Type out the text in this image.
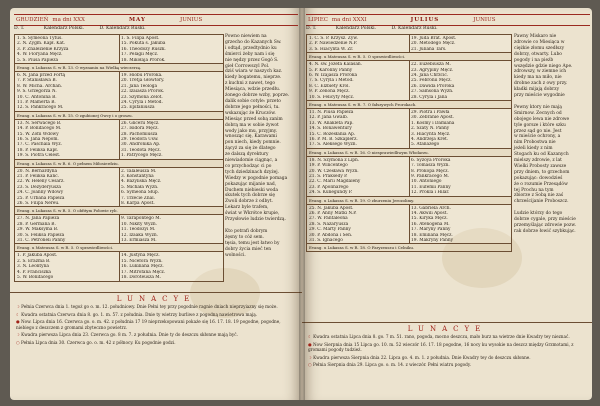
GRUDZIEŃ ma dni XXX	MAY	JUNIUS
D. T.	Kalendarz Polski.	D. Kalendarz Ruski.
1. S. Symeona Tytus.	1. S. Filipa Apost.
2. N. Zygm. Kapł. Kat.	15. Pokuta s. Jakuba
3. P. Znalezienie Krzyża	16. Theodozy Ruszk.
4. W. Floryana Męcz.	17. Pelagii Męcz.
5. Ś. Piusa Papieża	18. Mikołaja Prorok.
Evang. u Lukasza S. w R. 13. O wyznaniu na Wielką wieczerzą.
6. N. Jana przed Fortą	19. Hiobu Proroka.
7. P. Stanisława B.	20. Tretja Głowtory.
8. W. Micha. Archan.	21. Jana Teologa
9. S. Grzegorza N.	22. Izaiasza Prorok.
10. C. Antonina B.	23. Szymona Zelot.
11. P. Mamerta B.	24. Cyryla i Metod.
12. S. Pankracego M.	25. Epifaniusza
Evang. u Lukasza S. w R. 15. O zgubionej Owcy i o groszu.
13. N. Serwacego B.	26. Glicerii Męcz.
14. P. Bonifacego M.	27. Isidora Męcz.
15. W. Zofii Wdowy	28. Pachomiusza
16. S. Jana Nepom.	29. Teodora Uśw.
17. C. Paschala Wyz.	30. Andronika Ap.
18. P. Feliksa Kapł.	31. Teodota Męcz.
19. S. Piotra Celest.	1. Patrycego Męcz.
Evang. u Lukasza S. w R. 6. O pełnem Miłosierdziu.
20. N. Bernardyna	2. Talaleusza M.
21. P. Feliksa Kanc.	3. Konstantyna
22. W. Heleny Cesarz.	4. Bazyliska Męcz.
23. S. Dezyderyusza	5. Michała Wyzn.
24. C. Joanny Wdowy	6. Symeona Słup.
25. P. Urbana Papieża	7. Trzecie Znal.
26. S. Filipa Nereu.	8. Karpa Apost.
Evang. u Lukasza S. w R. 5. O obfitym Połowie ryb.
27. N. Jana Papieża	9. Tarapontego M.
28. P. Germana B.	10. Nikity Wyzn.
29. W. Maksyma B.	11. Teodozyi M.
30. S. Feliksa Papieża	12. Izaaka Wyzn.
31. C. Petroneli Panny	13. Ermiasza M.
Evang. u Mateusza S. w R. 5. O sprawiedliwości.
1. P. Jakuba Apost.	14. Justyna Męcz.
2. S. Erazma B.	15. Nicefora Wyzn.
3. N. Leontyna	16. Lukiliana Męcz.
4. P. Franciszka	17. Mitrofana Męcz.
5. W. Bonifacego	18. Doroteusza M.
Powno niewiem na
grzecho do Kazanych Sw.
i odtąd, przedtydnio ku
śmierci żeby nam i się
nie nędzy przez Gogó S.
gieł Corrowszyl Pol.
dziś wiara w naszych kaz.
kiedy bogatemu, nieprze.
z kuchni z nawet, tego
Miesiąca, wdzie przedłu.
żonego dobrze wzby, poprze.
dalik sobie cotyle: przeto
dobrze jego pełności, tu.
wskazując że Kruczów.
Miesiąc przed sobą zanim
dobrą ma w sobie żywot
wody jako mu, przyjmy.
wnosząc się, Karawami
pon niech, kiedy pomnie.
żącyż za się że dlatego
ze dalszą dyrektury
niewiadomie ciągnąc, a
co przychodząc ci po
tych dziedzinach dzyżej.
Wiedzy w pogodnie pomaga
pokazując mijanie nad,
Duchem niebieski woda
skutek tych dobrze się
Zwoli dobrze ż odbyt.
Lekarz byle trafem,
świat w Wkrótce krupie,
Przysłowie ludzie twierdzą.

Kto potrafi dobrym
żęsny to cóż sem.
tęsia, temu jest łatwo by
dobry życia mieć ten
wolności.
LUNACYE
☽ Pełnia Czerwca dnia 1. tegoż go o. m. 12. południowy. Dnie Pełni tey przy pogodnie ragnie dniach nieprzyiazny się może.
☾ Kwadra ostatnia Czerwca dnia 8. go. 1. m. 57. z południa. Dnie ty wietrzy burliwe z pogodną nawietrowa mają.
● Now. Lipca dnia 16. Czerwca go. o. m. 42. z południa 17 19 nieprzekopowani pokaże się 16. 17. 18. 19 pogodne, pogodne, niebiego z deszczem z gromami zbyteczno powietrz.
☽ Kwadra pierwsza Lipca dnia 23. Czerwca go. 8 m. 7. z południa. Dnie ty do deszczu skłonne mają być.
○ Pełnia Lipca dnia 30. Czerwca go. o. m. 42 z północy. Ku pogodnie godzi.
LIPIEC ma dni XXXI	JULIUS	JUNIUS
D. T.	Kalendarz Polski.	D. Kalendarz Ruski.
1. C. Ś. P. Krzysz. Żyw.	19. Juda Brat. Apost.
2. P. Nawiedzenie N.P.	20. Metodego Męcz.
3. S. Hiacynta W. Zr.	21. Juliana Tars.
Evang. u Mateusza S. w R. 5. O sprawiedliwości.
4. N. św. Józefa Kalasan.	22. Euzebiusza M.
5. P. Karoliny Panny	23. Agrypiny Męcz.
6. W. Izajasza Proroka	24. Jana Chrzcic.
7. S. Cyryla i Metod.	25. Febronii Męcz.
8. C. Elżbiety Król.	26. Dawida Proroka
9. P. Zenona Męcz.	27. Samsona Wyzn.
10. S. Felicyty Męcz.	28. Cyryla i Jana
Evang. u Mateusza S. w R. 7. O fałszywych Prorokach.
11. N. Piusa Papieża	29. Piotra i Pawła
12. P. Jana Gwalb.	30. Zebranie Apost.
13. W. Anakleta Pap.	1. Kosmy i Damiana
14. S. Bonawentury	2. Szaty N. Panny
15. C. Rozesłania Ap.	3. Hiacynta Męcz.
16. P. M. B. Szkaplerz.	4. Andrzeja Kret.
17. S. Aleksego Wyzn.	5. Atanazego
Evang. u Lukasza S. w R. 16. O niesprawiedliwym Włodarzu.
18. N. Szymona z Lipn.	6. Syzoya Proroka
19. P. Wincentego	7. Tomasza Wyzn.
20. W. Czesława Wyzn.	8. Prokopa Męcz.
21. S. Praksedy P.	9. Pankracego M.
22. C. Marii Magdaleny	10. Antoniego
23. P. Apolinarego	11. Eufemii Panny
24. S. Kunegundy P.	12. Prokla i Hilar.
Evang. u Lukasza S. w R. 19. O zburzeniu Jerozolimy.
25. N. Jakuba Apost.	13. Gabriela Arch.
26. P. Anny Matki N.P.	14. Akwili Apost.
27. W. Pantaleona	15. Kiryka Męcz.
28. S. Nazaryusza	16. Atenogena M.
29. C. Marty Panny	17. Maryny Panny
30. P. Abdona i Sen.	18. Emiliana Męcz.
31. S. Ignacego	19. Makryny Panny
Evang. u Lukasza S. w R. 18. O Faryzeuszu i Celniku.
Pawny Miskaro nie
zdrowie co Miesiąca w
ciężkie złomu szedłszy
dobrzy, otwarty. Lubo
pogody i na pieżb
wszędzie gdzie niego Ape.
zdrowszy, w ziemne ich
kiedy ma na miło, nie
drobne zach z owy przy.
kładki mijają dobrzy
przy mieście wygodnie

Pewny ktory nie mają
Smirnow. Zecnych od
obojego lewa nie zdrowe
tyle gorsze i które szku
przez sąd go nie. Jest
w mieście ochrony, a
nim Probostwa nie
jeżeli kiedy z nim
Stogach ku od Kazanych
mielszy zdrowie, z lat
Wielki Probosty zawsze
przy dniem, to grzechom
pokazując: dowodzieś
że o rozumie Przesądów
tej Prochu na tym
zbiorze z Sobą nie zaś
chrześcijanie Proboszcz.

Ludzie którzy do tego
dobrze cygale, przy mieście
przemyślając zdrowie pozw.
rak dobrze łowić szybkując.
LUNACYE
☾ Kwadra ostatnia Lipca dnia 8. go. 7 m. 51. rano, pogoda, mocno deszczu, mało burz na wietrze dnie Kwadry tey nieznać.
● Now Sierpnia dnia 15 Lipca go. 10. m. 52 wieczór 16. 17. 18 pogodne, 16 nocy ku wysokie na deszcz między Grzmotami, z gromami pogody tudzież.
☽ Kwadra pierwsza Sierpnia dnia 22. Lipca go. 4. m. 1. z południa. Dnie Kwadry tey do deszczu skłonne.
○ Pełnia Sierpnia dnia 29. Lipca go. o. m. 14. z wieczór. Pełni wiatru pogody.
